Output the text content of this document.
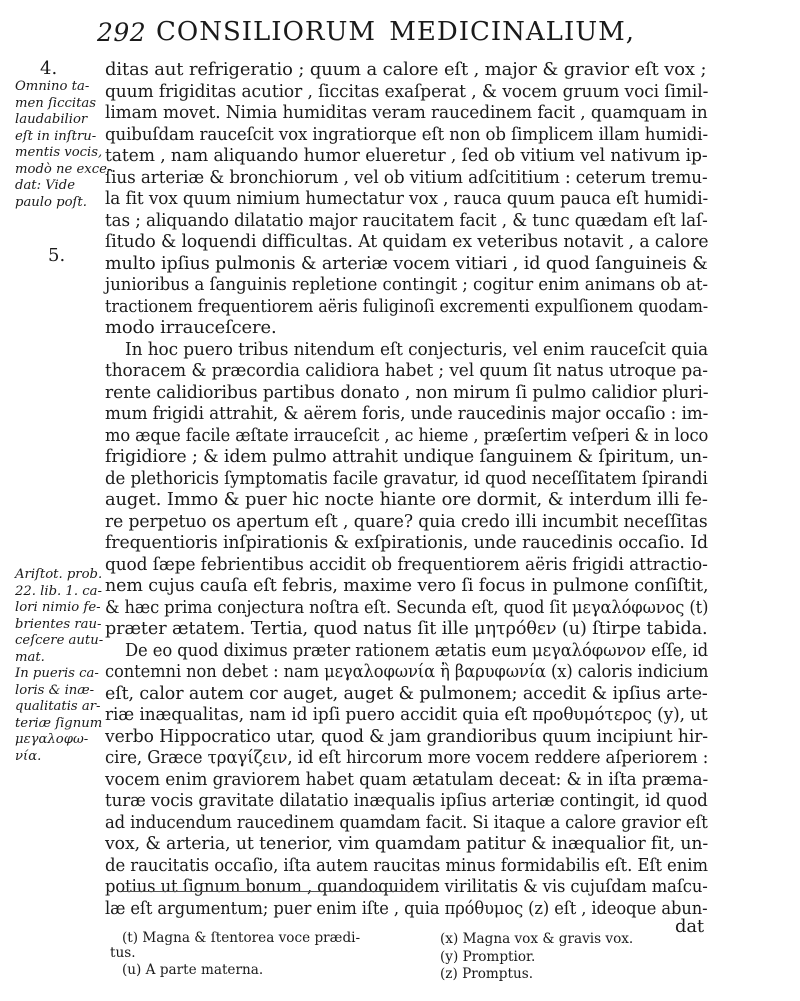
292 CONSILIORUM MEDICINALIUM,
4.
5.
Omnino ta-
men ſiccitas
laudabilior
eſt in inſtru-
mentis vocis,
modò ne exce-
dat: Vide
paulo poſt.
Ariſtot. prob.
22. lib. 1. ca-
lori nimio fe-
brientes rau-
ceſcere autu-
mat.
In pueris ca-
loris & inæ-
qualitatis ar-
teriæ ſignum
μεγαλοφω-
νία.
ditas aut refrigeratio ; quum a calore eſt , major & gravior eſt vox ;
quum frigiditas acutior , ſiccitas exaſperat , & vocem gruum voci ſimil-
limam movet. Nimia humiditas veram raucedinem facit , quamquam in
quibuſdam rauceſcit vox ingratiorque eſt non ob ſimplicem illam humidi-
tatem , nam aliquando humor elueretur , ſed ob vitium vel nativum ip-
ſius arteriæ & bronchiorum , vel ob vitium adſcititium : ceterum tremu-
la fit vox quum nimium humectatur vox , rauca quum pauca eſt humidi-
tas ; aliquando dilatatio major raucitatem facit , & tunc quædam eſt laſ-
ſitudo & loquendi difficultas. At quidam ex veteribus notavit , a calore
multo ipſius pulmonis & arteriæ vocem vitiari , id quod ſanguineis &
junioribus a ſanguinis repletione contingit ; cogitur enim animans ob at-
tractionem frequentiorem aëris fuliginoſi excrementi expulſionem quodam-
modo irrauceſcere.
In hoc puero tribus nitendum eſt conjecturis, vel enim rauceſcit quia
thoracem & præcordia calidiora habet ; vel quum ſit natus utroque pa-
rente calidioribus partibus donato , non mirum ſi pulmo calidior pluri-
mum frigidi attrahit, & aërem foris, unde raucedinis major occaſio : im-
mo æque facile æſtate irrauceſcit , ac hieme , præſertim veſperi & in loco
frigidiore ; & idem pulmo attrahit undique ſanguinem & ſpiritum, un-
de plethoricis ſymptomatis facile gravatur, id quod neceſſitatem ſpirandi
auget. Immo & puer hic nocte hiante ore dormit, & interdum illi fe-
re perpetuo os apertum eſt , quare? quia credo illi incumbit neceſſitas
frequentioris inſpirationis & exſpirationis, unde raucedinis occaſio. Id
quod ſæpe febrientibus accidit ob frequentiorem aëris frigidi attractio-
nem cujus cauſa eſt febris, maxime vero ſi focus in pulmone conſiſtit,
& hæc prima conjectura noſtra eſt. Secunda eſt, quod ſit μεγαλόφωνος (t)
præter ætatem. Tertia, quod natus ſit ille μητρόθεν (u) ſtirpe tabida.
De eo quod diximus præter rationem ætatis eum μεγαλόφωνον eſſe, id
contemni non debet : nam μεγαλοφωνία ἢ βαρυφωνία (x) caloris indicium
eſt, calor autem cor auget, auget & pulmonem; accedit & ipſius arte-
riæ inæqualitas, nam id ipſi puero accidit quia eſt προθυμότερος (y), ut
verbo Hippocratico utar, quod & jam grandioribus quum incipiunt hir-
cire, Græce τραγίζειν, id eſt hircorum more vocem reddere aſperiorem :
vocem enim graviorem habet quam ætatulam deceat: & in iſta præma-
turæ vocis gravitate dilatatio inæqualis ipſius arteriæ contingit, id quod
ad inducendum raucedinem quamdam facit. Si itaque a calore gravior eſt
vox, & arteria, ut tenerior, vim quamdam patitur & inæqualior fit, un-
de raucitatis occaſio, iſta autem raucitas minus formidabilis eſt. Eſt enim
potius ut ſignum bonum , quandoquidem virilitatis & vis cujuſdam maſcu-
læ eſt argumentum; puer enim iſte , quia πρόθυμος (z) eſt , ideoque abun-
dat
(t) Magna & ſtentorea voce prædi-
tus.
(u) A parte materna.
(x) Magna vox & gravis vox.
(y) Promptior.
(z) Promptus.
